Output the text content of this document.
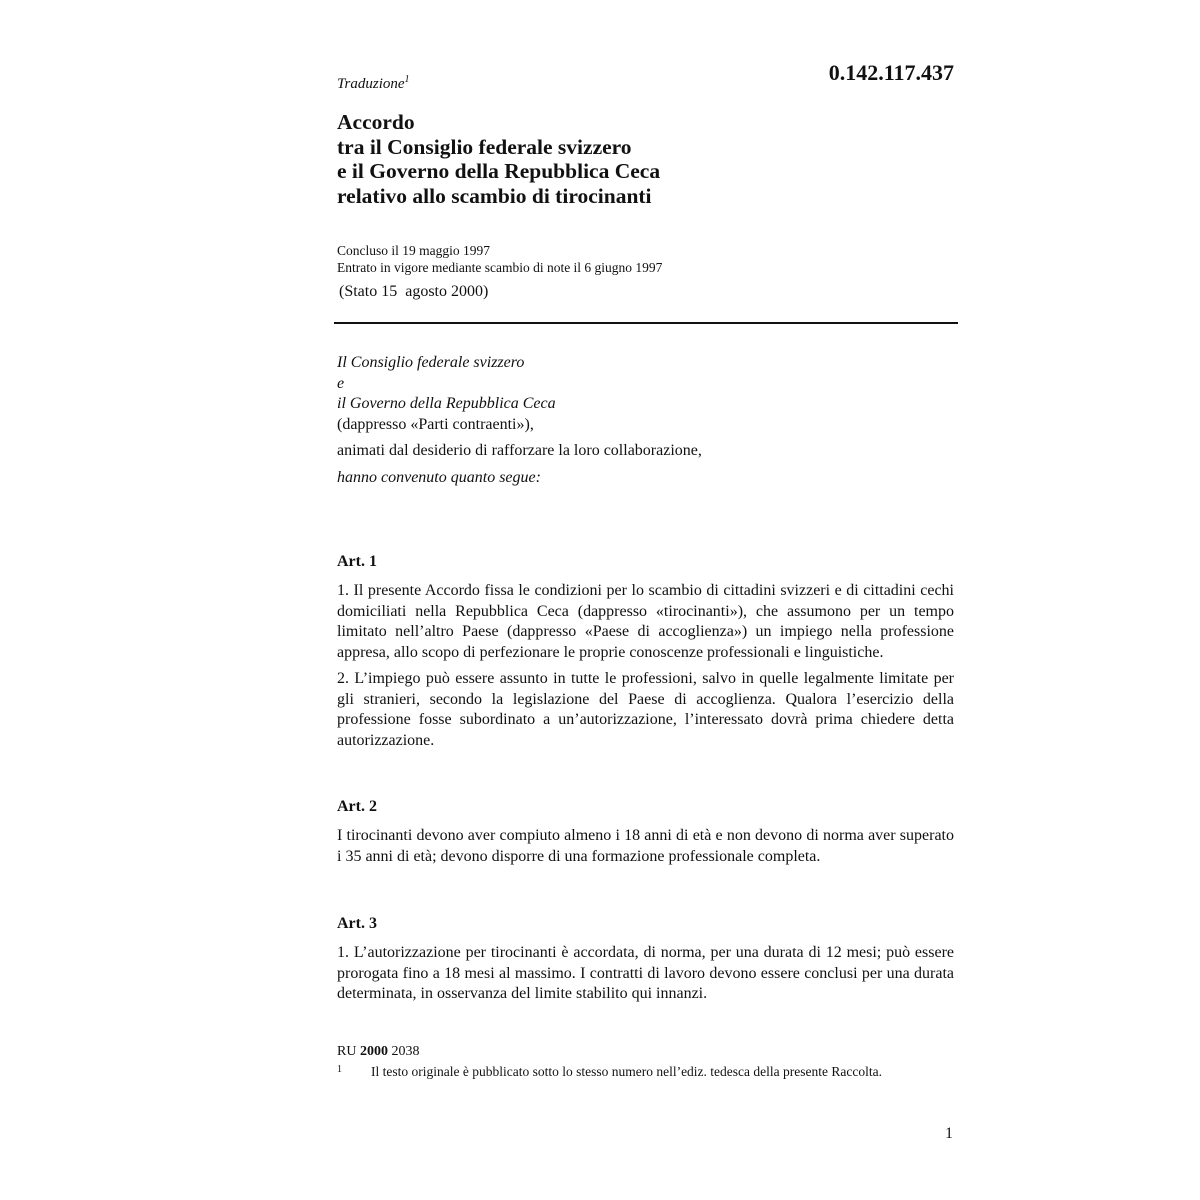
Traduzione$^1$	0.142.117.437
Accordo
tra il Consiglio federale svizzero
e il Governo della Repubblica Ceca
relativo allo scambio di tirocinanti
Concluso il 19 maggio 1997
Entrato in vigore mediante scambio di note il 6 giugno 1997
(Stato 15  agosto 2000)
Il Consiglio federale svizzero
e
il Governo della Repubblica Ceca
(dappresso «Parti contraenti»),
animati dal desiderio di rafforzare la loro collaborazione,
hanno convenuto quanto segue:
Art. 1

1. Il presente Accordo fissa le condizioni per lo scambio di cittadini svizzeri e di cittadini cechi domiciliati nella Repubblica Ceca (dappresso «tirocinanti»), che assumono per un tempo limitato nell’altro Paese (dappresso «Paese di accoglienza») un impiego nella professione appresa, allo scopo di perfezionare le proprie conoscenze professionali e linguistiche.

2. L’impiego può essere assunto in tutte le professioni, salvo in quelle legalmente limitate per gli stranieri, secondo la legislazione del Paese di accoglienza. Qualora l’esercizio della professione fosse subordinato a un’autorizzazione, l’interessato dovrà prima chiedere detta autorizzazione.

Art. 2

I tirocinanti devono aver compiuto almeno i 18 anni di età e non devono di norma aver superato i 35 anni di età; devono disporre di una formazione professionale completa.

Art. 3

1. L’autorizzazione per tirocinanti è accordata, di norma, per una durata di 12 mesi; può essere prorogata fino a 18 mesi al massimo. I contratti di lavoro devono essere conclusi per una durata determinata, in osservanza del limite stabilito qui innanzi.

RU 2000 2038
1 Il testo originale è pubblicato sotto lo stesso numero nell’ediz. tedesca della presente Raccolta.
1
